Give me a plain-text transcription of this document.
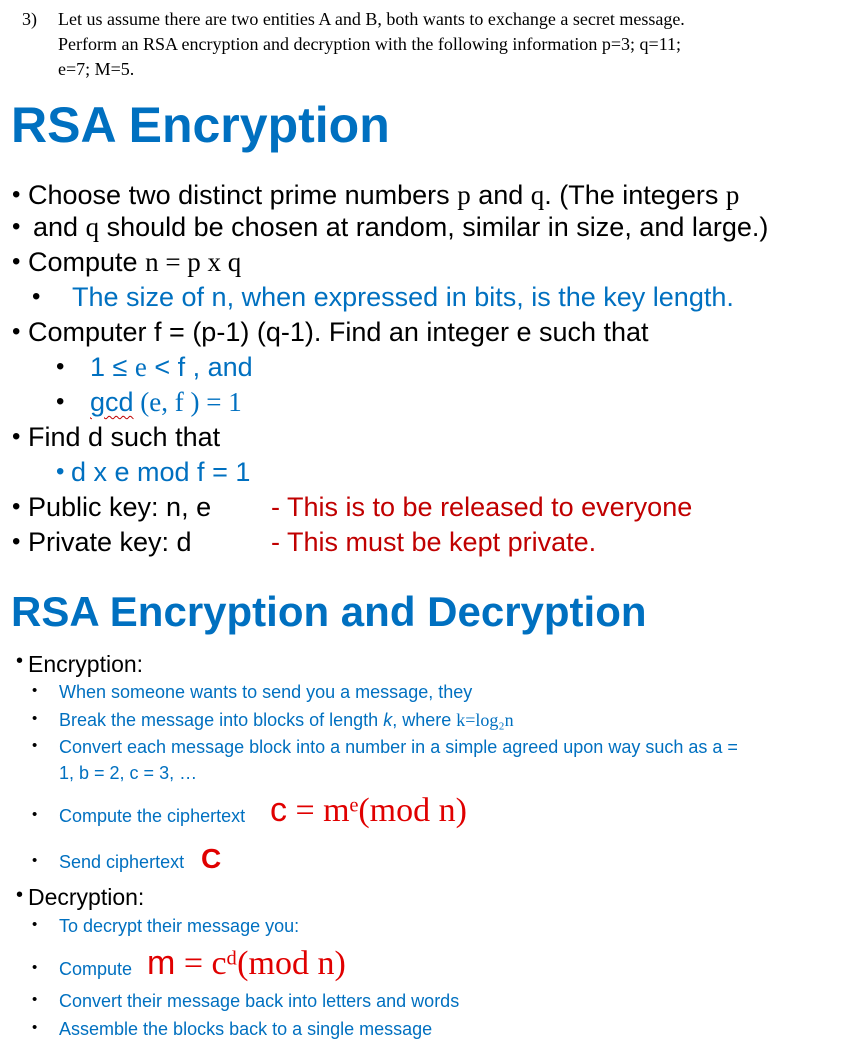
3) Let us assume there are two entities A and B, both wants to exchange a secret message.
Perform an RSA encryption and decryption with the following information p=3; q=11;
e=7; M=5.
RSA Encryption
• Choose two distinct prime numbers p and q. (The integers p
• and q should be chosen at random, similar in size, and large.)
• Compute n = p x q
• The size of n, when expressed in bits, is the key length.
• Computer f = (p-1) (q-1). Find an integer e such that
• 1 ≤ e < f , and
• gcd (e, f ) = 1
• Find d such that
• d x e mod f = 1
• Public key: n, e - This is to be released to everyone
• Private key: d	- This must be kept private.
RSA Encryption and Decryption
• Encryption:
• When someone wants to send you a message, they
• Break the message into blocks of length k, where k=log₂n
• Convert each message block into a number in a simple agreed upon way such as a =
1, b = 2, c = 3, …
• Compute the ciphertext c = mᵉ(mod n)
• Send ciphertext C
• Decryption:
• To decrypt their message you:
• Compute m = cᵈ(mod n)
• Convert their message back into letters and words
• Assemble the blocks back to a single message
